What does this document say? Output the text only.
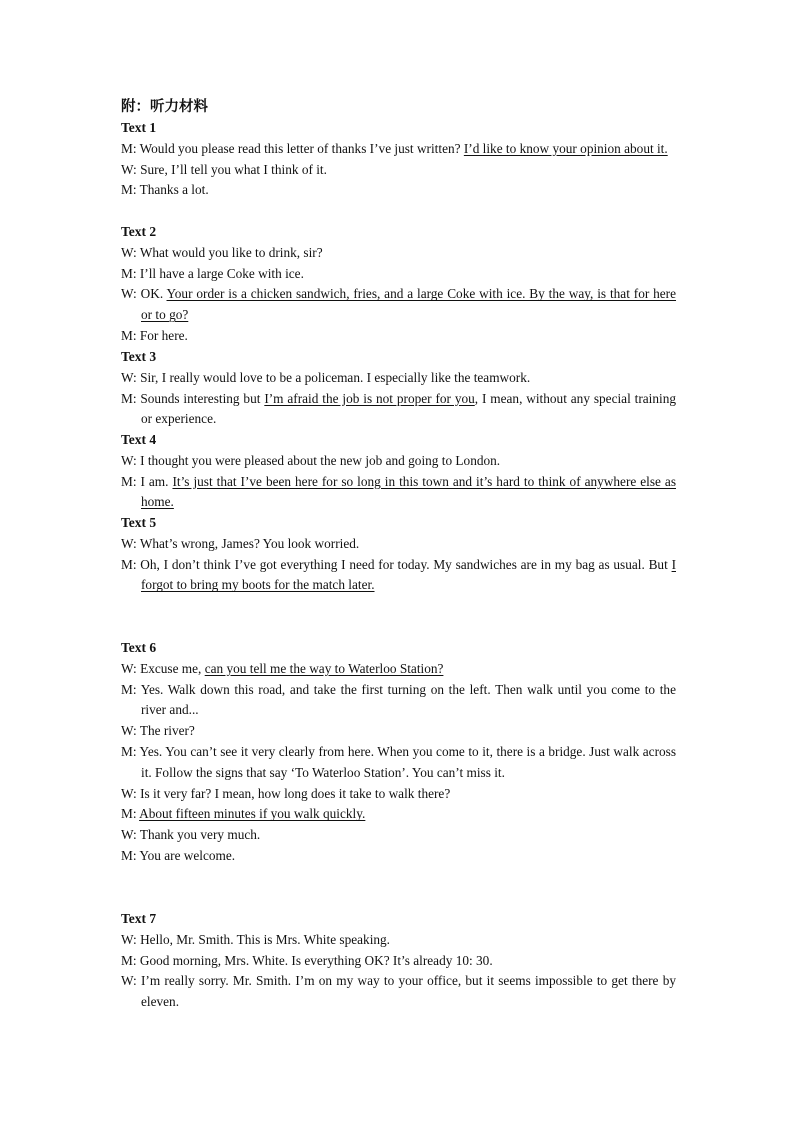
附：听力材料
Text 1
M: Would you please read this letter of thanks I’ve just written? I’d like to know your opinion about it.
W: Sure, I’ll tell you what I think of it.
M: Thanks a lot.
Text 2
W: What would you like to drink, sir?
M: I’ll have a large Coke with ice.
W: OK. Your order is a chicken sandwich, fries, and a large Coke with ice. By the way, is that for here or to go?
M: For here.
Text 3
W: Sir, I really would love to be a policeman. I especially like the teamwork.
M: Sounds interesting but I’m afraid the job is not proper for you, I mean, without any special training or experience.
Text 4
W: I thought you were pleased about the new job and going to London.
M: I am. It’s just that I’ve been here for so long in this town and it’s hard to think of anywhere else as home.
Text 5
W: What’s wrong, James? You look worried.
M: Oh, I don’t think I’ve got everything I need for today. My sandwiches are in my bag as usual. But I forgot to bring my boots for the match later.
Text 6
W: Excuse me, can you tell me the way to Waterloo Station?
M: Yes. Walk down this road, and take the first turning on the left. Then walk until you come to the river and...
W: The river?
M: Yes. You can’t see it very clearly from here. When you come to it, there is a bridge. Just walk across it. Follow the signs that say ‘To Waterloo Station’. You can’t miss it.
W: Is it very far? I mean, how long does it take to walk there?
M: About fifteen minutes if you walk quickly.
W: Thank you very much.
M: You are welcome.
Text 7
W: Hello, Mr. Smith. This is Mrs. White speaking.
M: Good morning, Mrs. White. Is everything OK? It’s already 10: 30.
W: I’m really sorry. Mr. Smith. I’m on my way to your office, but it seems impossible to get there by eleven.
